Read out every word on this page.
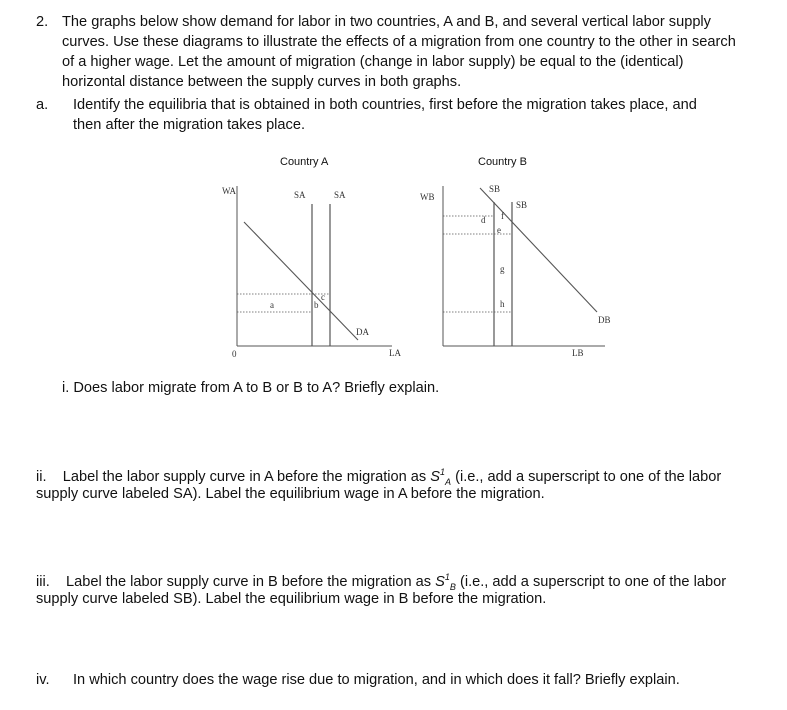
2. The graphs below show demand for labor in two countries, A and B, and several vertical labor supply
curves. Use these diagrams to illustrate the effects of a migration from one country to the other in search
of a higher wage. Let the amount of migration (change in labor supply) be equal to the (identical)
horizontal distance between the supply curves in both graphs.
a. Identify the equilibria that is obtained in both countries, first before the migration takes place, and
then after the migration takes place.
Country A
WA	SA	SA
a	b
c
DA
0	LA
Country B
WB
SB
SB
d f
e
g
h
DB
LB
i. Does labor migrate from A to B or B to A? Briefly explain.
ii. Label the labor supply curve in A before the migration as $S^1_A$ (i.e., add a superscript to one of the labor
supply curve labeled SA). Label the equilibrium wage in A before the migration.
iii. Label the labor supply curve in B before the migration as $S^1_B$ (i.e., add a superscript to one of the labor
supply curve labeled SB). Label the equilibrium wage in B before the migration.
iv. In which country does the wage rise due to migration, and in which does it fall? Briefly explain.
